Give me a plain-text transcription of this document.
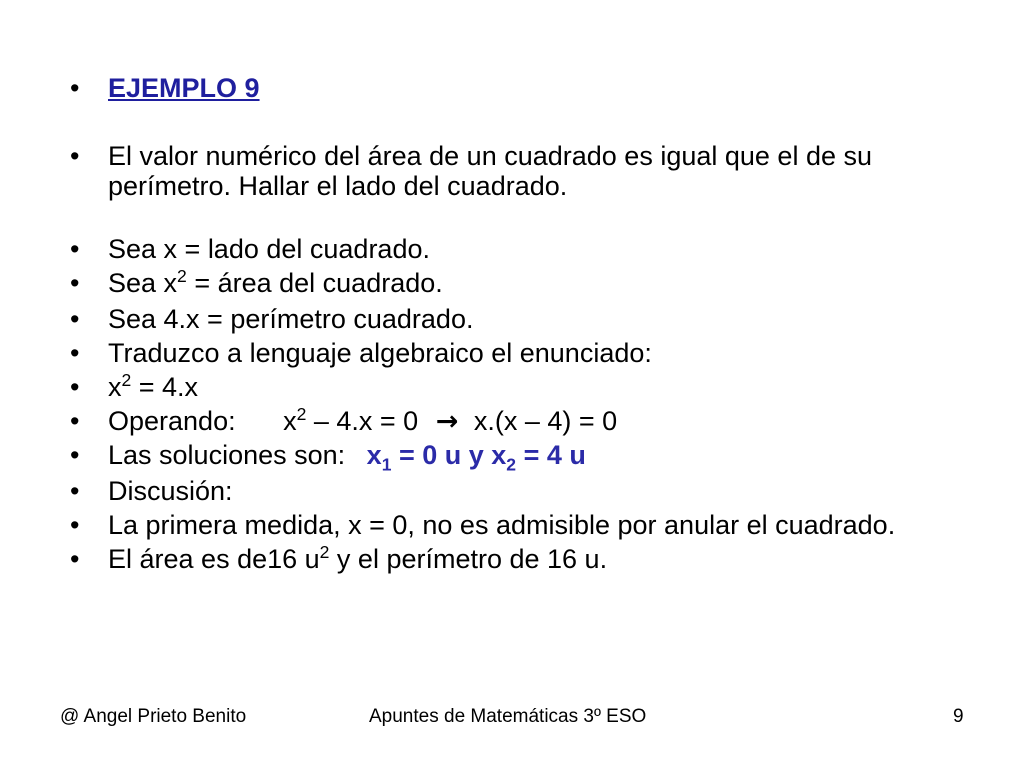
•	EJEMPLO 9
•	El valor numérico del área de un cuadrado es igual que el de su
perímetro. Hallar el lado del cuadrado.
•	Sea x = lado del cuadrado.
•	Sea $x^2$ = área del cuadrado.
•	Sea 4.x = perímetro cuadrado.
•	Traduzco a lenguaje algebraico el enunciado:
•	$x^2 = 4.x$
•	Operando: $x^2 - 4.x = 0 \to x.(x - 4) = 0$
•	Las soluciones son: $x_1 = 0$ u y $x_2 = 4$ u
•	Discusión:
•	La primera medida, x = 0, no es admisible por anular el cuadrado.
•	El área es de16 $u^2$ y el perímetro de 16 u.
@ Angel Prieto Benito	Apuntes de Matemáticas 3º ESO	9
